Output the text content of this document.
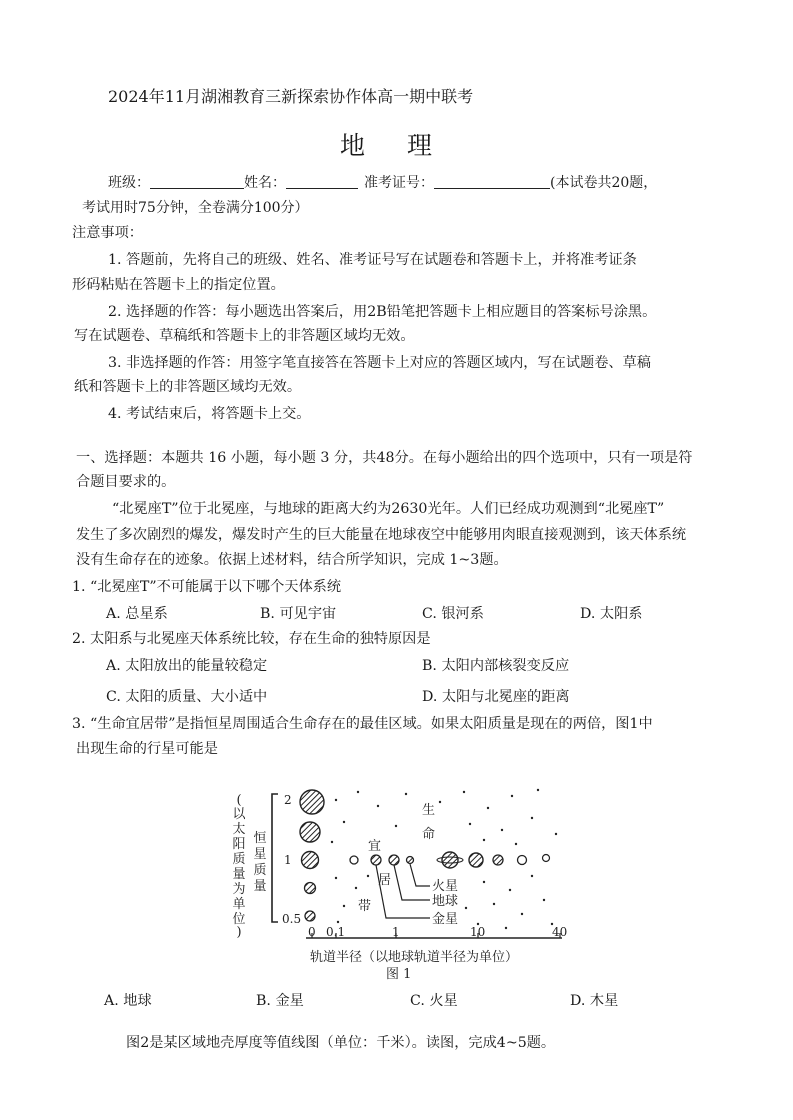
2024年11月湖湘教育三新探索协作体高一期中联考
地 理
班级：	姓名：	准考证号：	(本试卷共20题，
考试用时75分钟，全卷满分100分）
注意事项：
1. 答题前，先将自己的班级、姓名、准考证号写在试题卷和答题卡上，并将准考证条
形码粘贴在答题卡上的指定位置。
2. 选择题的作答：每小题选出答案后，用2B铅笔把答题卡上相应题目的答案标号涂黑。
写在试题卷、草稿纸和答题卡上的非答题区域均无效。
3. 非选择题的作答：用签字笔直接答在答题卡上对应的答题区域内，写在试题卷、草稿
纸和答题卡上的非答题区域均无效。
4. 考试结束后，将答题卡上交。
一、选择题：本题共 16 小题，每小题 3 分，共48分。在每小题给出的四个选项中，只有一项是符
合题目要求的。
“北冕座T”位于北冕座，与地球的距离大约为2630光年。人们已经成功观测到“北冕座T”
发生了多次剧烈的爆发，爆发时产生的巨大能量在地球夜空中能够用肉眼直接观测到，该天体系统
没有生命存在的迹象。依据上述材料，结合所学知识，完成 1~3题。
1. “北冕座T”不可能属于以下哪个天体系统
A. 总星系	B. 可见宇宙	C. 银河系	D. 太阳系
2. 太阳系与北冕座天体系统比较，存在生命的独特原因是
A. 太阳放出的能量较稳定	B. 太阳内部核裂变反应
C. 太阳的质量、大小适中	D. 太阳与北冕座的距离
3. “生命宜居带”是指恒星周围适合生命存在的最佳区域。如果太阳质量是现在的两倍，图1中
出现生命的行星可能是
(
以
太
阳
质
量
为
单
位
)
恒
星
质
量
2
1
0.5
火星
地球
金星
生
命
宜
居
带
0 0.1	1	10	40
轨道半径（以地球轨道半径为单位）
图 1
A. 地球	B. 金星	C. 火星	D. 木星
图2是某区域地壳厚度等值线图（单位：千米）。读图，完成4~5题。
